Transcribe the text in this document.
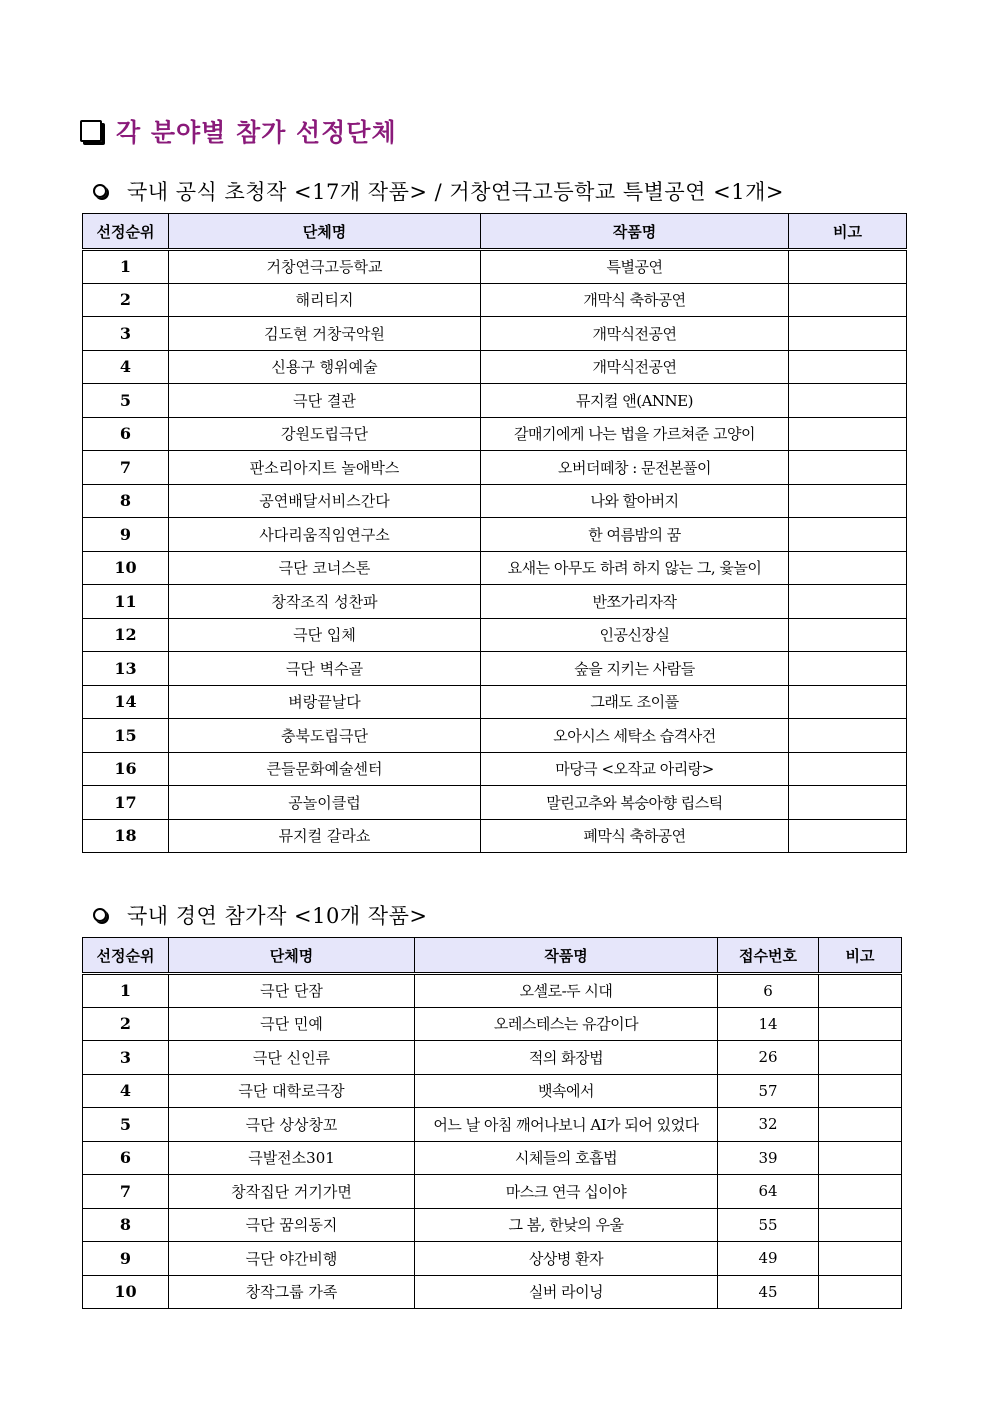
각 분야별 참가 선정단체
국내 공식 초청작 <17개 작품> / 거창연극고등학교 특별공연 <1개>
선정순위	단체명	작품명	비고
1	거창연극고등학교	특별공연	
2	해리티지	개막식 축하공연	
3	김도현 거창국악원	개막식전공연	
4	신용구 행위예술	개막식전공연	
5	극단 결관	뮤지컬 앤(ANNE)	
6	강원도립극단	갈매기에게 나는 법을 가르쳐준 고양이	
7	판소리아지트 놀애박스	오버더떼창 : 문전본풀이	
8	공연배달서비스간다	나와 할아버지	
9	사다리움직임연구소	한 여름밤의 꿈	
10	극단 코너스톤	요새는 아무도 하려 하지 않는 그, 윷놀이	
11	창작조직 성찬파	반쪼가리자작	
12	극단 입체	인공신장실	
13	극단 벽수골	숲을 지키는 사람들	
14	벼랑끝날다	그래도 조이풀	
15	충북도립극단	오아시스 세탁소 습격사건	
16	큰들문화예술센터	마당극 <오작교 아리랑>	
17	공놀이클럽	말린고추와 복숭아향 립스틱	
18	뮤지컬 갈라쇼	폐막식 축하공연	
국내 경연 참가작 <10개 작품>
선정순위	단체명	작품명	접수번호	비고
1	극단 단잠	오셀로-두 시대	6	
2	극단 민예	오레스테스는 유감이다	14	
3	극단 신인류	적의 화장법	26	
4	극단 대학로극장	뱃속에서	57	
5	극단 상상창꼬	어느 날 아침 깨어나보니 AI가 되어 있었다	32	
6	극발전소301	시체들의 호흡법	39	
7	창작집단 거기가면	마스크 연극 십이야	64	
8	극단 꿈의동지	그 봄, 한낮의 우울	55	
9	극단 야간비행	상상병 환자	49	
10	창작그룹 가족	실버 라이닝	45	
